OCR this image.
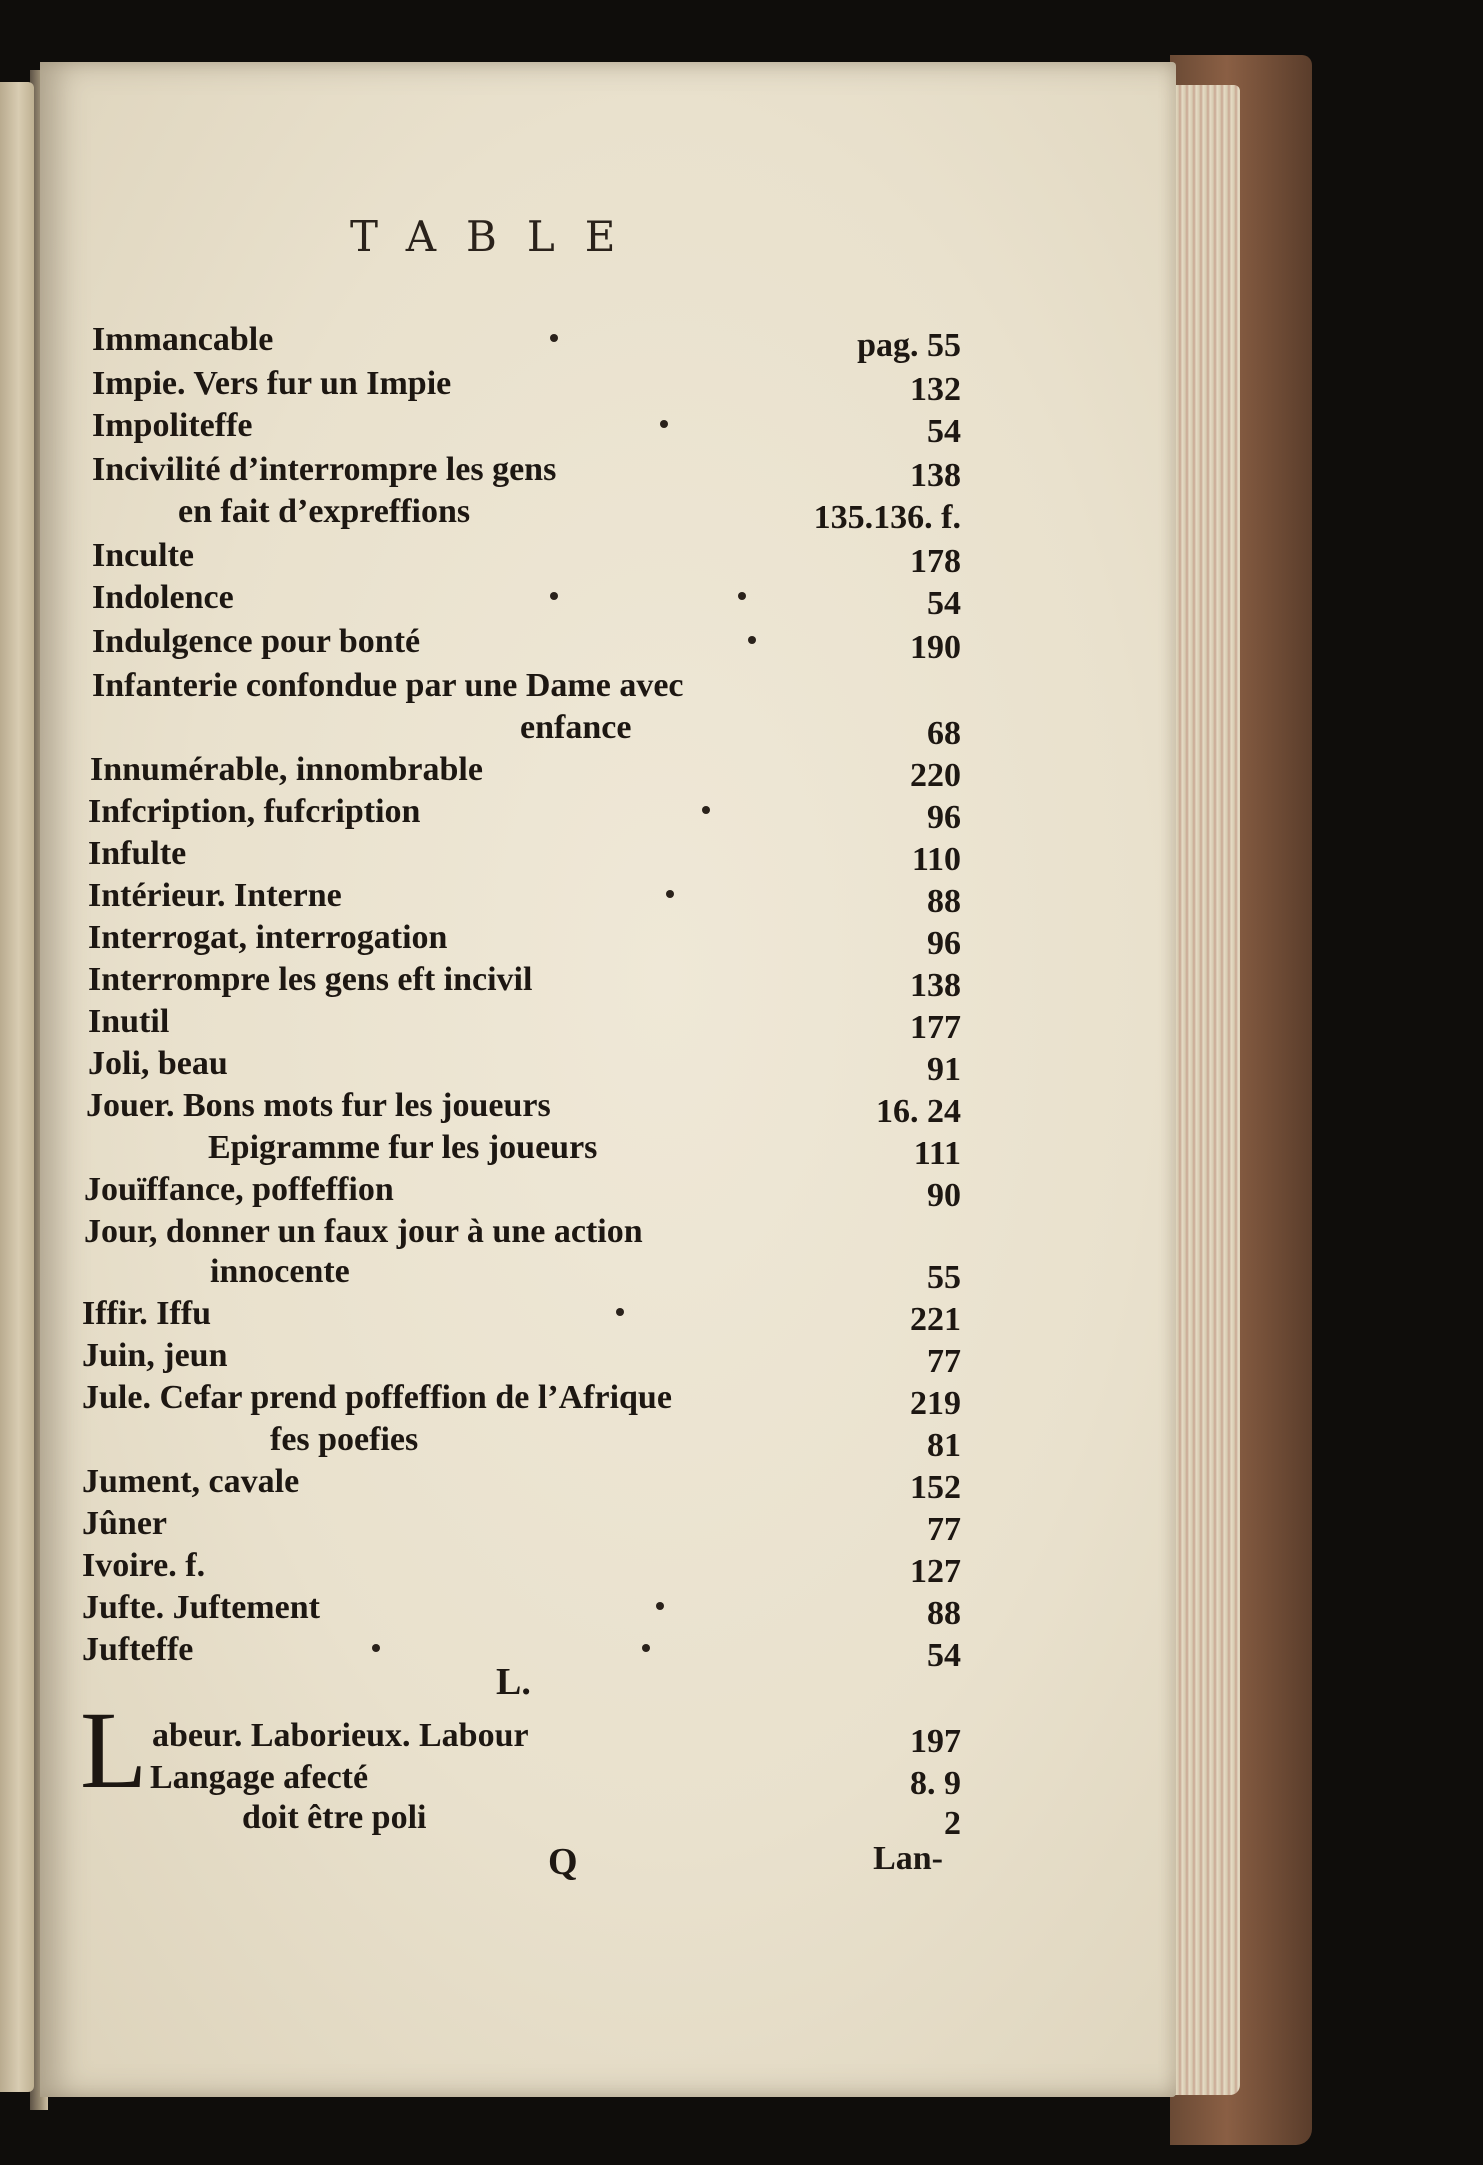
TABLE
Immancable	pag. 55
Impie. Vers fur un Impie	132
Impoliteffe	54
Incivilité d’interrompre les gens	138
en fait d’expreffions	135.136. f.
Inculte	178
Indolence	54
Indulgence pour bonté	190
Infanterie confondue par une Dame avec
enfance	68
Innumérable, innombrable	220
Infcription, fufcription	96
Infulte	110
Intérieur. Interne	88
Interrogat, interrogation	96
Interrompre les gens eft incivil	138
Inutil	177
Joli, beau	91
Jouer. Bons mots fur les joueurs	16. 24
Epigramme fur les joueurs	111
Jouïffance, poffeffion	90
Jour, donner un faux jour à une action
innocente	55
Iffir. Iffu	221
Juin, jeun	77
Jule. Cefar prend poffeffion de l’Afrique	219
fes poefies	81
Jument, cavale	152
Jûner	77
Ivoire. f.	127
Jufte. Juftement	88
Jufteffe	54
L.
L abeur. Laborieux. Labour	197
Langage afecté	8. 9
doit être poli	2
Q	Lan-
